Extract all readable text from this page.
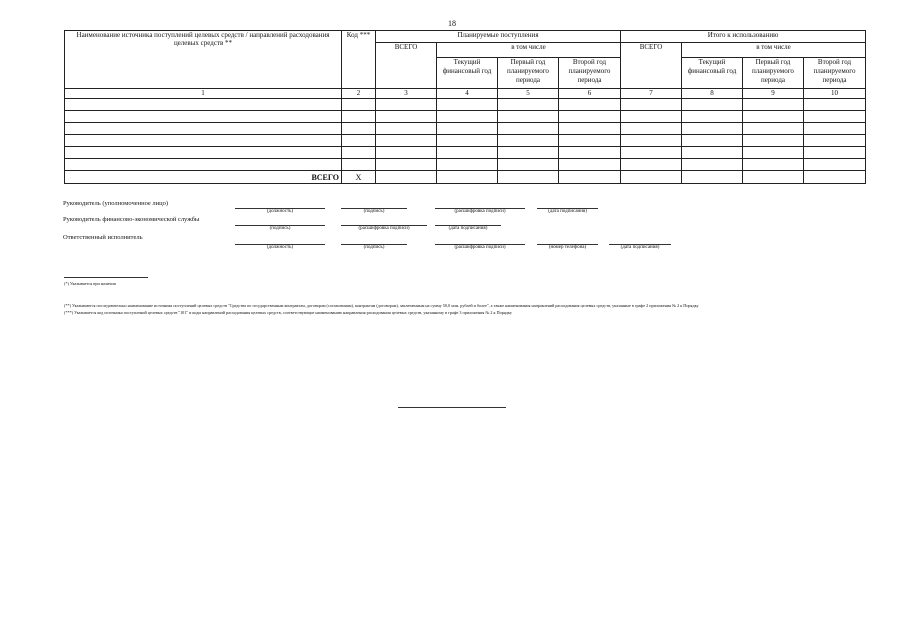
18
Наименование источника поступлений целевых средств / направлений расходования целевых средств **	Код ***	Планируемые поступления				Итого к использованию			
		ВСЕГО	в том числе			ВСЕГО	в том числе		
			Текущий финансовый год	Первый год планируемого периода	Второй год планируемого периода		Текущий финансовый год	Первый год планируемого периода	Второй год планируемого периода
1	2	3	4	5	6	7	8	9	10

ВСЕГО	X								
Руководитель (уполномоченное лицо)
(должность)	(подпись)	(расшифровка подписи)	(дата подписания)
Руководитель финансово-экономической службы
(подпись)	(расшифровка подписи)	(дата подписания)
Ответственный исполнитель
(должность)	(подпись)	(расшифровка подписи)	(номер телефона)	(дата подписания)
(*) Указывается при наличии
(**) Указываются последовательно наименование источника поступлений целевых средств "Средства по государственным контрактам, договорам (соглашениям), контрактам (договорам), заключенным на сумму 50,0 млн. рублей и более", а также наименования направлений расходования целевых средств, указанные в графе 2 приложения № 2 к Порядку
(***) Указывается код источника поступлений целевых средств "101" и коды направлений расходования целевых средств, соответствующие наименованию направления расходования целевых средств, указанному в графе 3 приложения № 2 к Порядку
